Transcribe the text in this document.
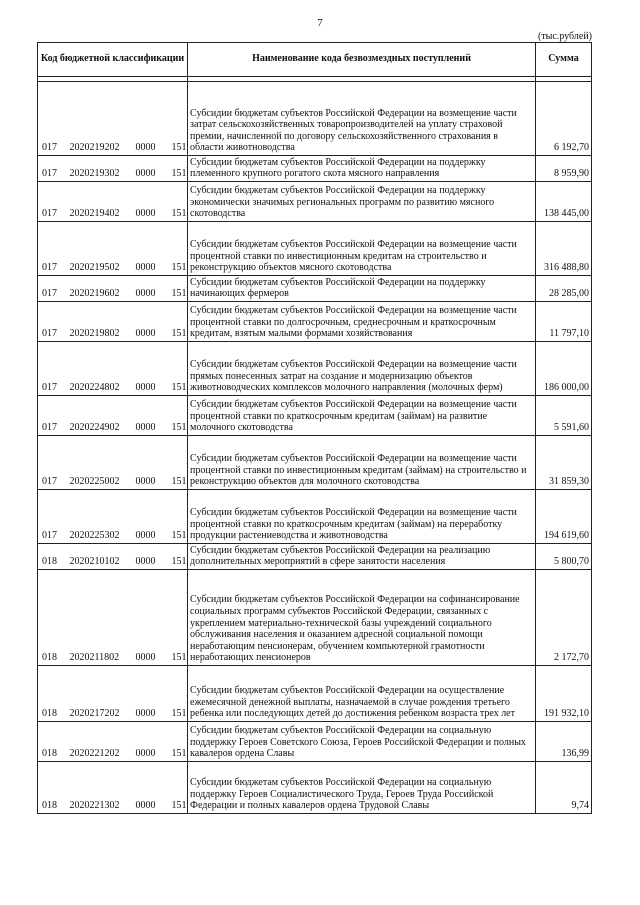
7
(тыс.рублей)
Код бюджетной классификации				Наименование кода безвозмездных поступлений	Сумма

017	2020219202	0000	151	Субсидии бюджетам субъектов Российской Федерации на возмещение части затрат сельскохозяйственных товаропроизводителей на уплату страховой премии, начисленной по договору сельскохозяйственного страхования в области животноводства	6 192,70
017	2020219302	0000	151	Субсидии бюджетам субъектов Российской Федерации на поддержку племенного крупного рогатого скота мясного направления	8 959,90
017	2020219402	0000	151	Субсидии бюджетам субъектов Российской Федерации на поддержку экономически значимых региональных программ по развитию мясного скотоводства	138 445,00
017	2020219502	0000	151	Субсидии бюджетам субъектов Российской Федерации на возмещение части процентной ставки по инвестиционным кредитам на строительство и реконструкцию объектов мясного скотоводства	316 488,80
017	2020219602	0000	151	Субсидии бюджетам субъектов Российской Федерации на поддержку начинающих фермеров	28 285,00
017	2020219802	0000	151	Субсидии бюджетам субъектов Российской Федерации на возмещение части процентной ставки по долгосрочным, среднесрочным и краткосрочным кредитам, взятым малыми формами хозяйствования	11 797,10
017	2020224802	0000	151	Субсидии бюджетам субъектов Российской Федерации на возмещение части прямых понесенных затрат на создание и модернизацию объектов животноводческих комплексов молочного направления (молочных ферм)	186 000,00
017	2020224902	0000	151	Субсидии бюджетам субъектов Российской Федерации на возмещение части процентной ставки по краткосрочным кредитам (займам) на развитие молочного скотоводства	5 591,60
017	2020225002	0000	151	Субсидии бюджетам субъектов Российской Федерации на возмещение части процентной ставки по инвестиционным кредитам (займам) на строительство и реконструкцию объектов для молочного скотоводства	31 859,30
017	2020225302	0000	151	Субсидии бюджетам субъектов Российской Федерации на возмещение части процентной ставки по краткосрочным кредитам (займам) на переработку продукции растениеводства и животноводства	194 619,60
018	2020210102	0000	151	Субсидии бюджетам субъектов Российской Федерации на реализацию дополнительных мероприятий в сфере занятости населения	5 800,70
018	2020211802	0000	151	Субсидии бюджетам субъектов Российской Федерации на софинансирование социальных программ субъектов Российской Федерации, связанных с укреплением материально-технической базы учреждений социального обслуживания населения и оказанием адресной социальной помощи неработающим пенсионерам, обучением компьютерной грамотности неработающих пенсионеров	2 172,70
018	2020217202	0000	151	Субсидии бюджетам субъектов Российской Федерации на осуществление ежемесячной денежной выплаты, назначаемой в случае рождения третьего ребенка или последующих детей до достижения ребенком возраста трех лет	191 932,10
018	2020221202	0000	151	Субсидии бюджетам субъектов Российской Федерации на социальную поддержку Героев Советского Союза, Героев Российской Федерации и полных кавалеров ордена Славы	136,99
018	2020221302	0000	151	Субсидии бюджетам субъектов Российской Федерации на социальную поддержку Героев Социалистического Труда, Героев Труда Российской Федерации и полных кавалеров ордена Трудовой Славы	9,74
